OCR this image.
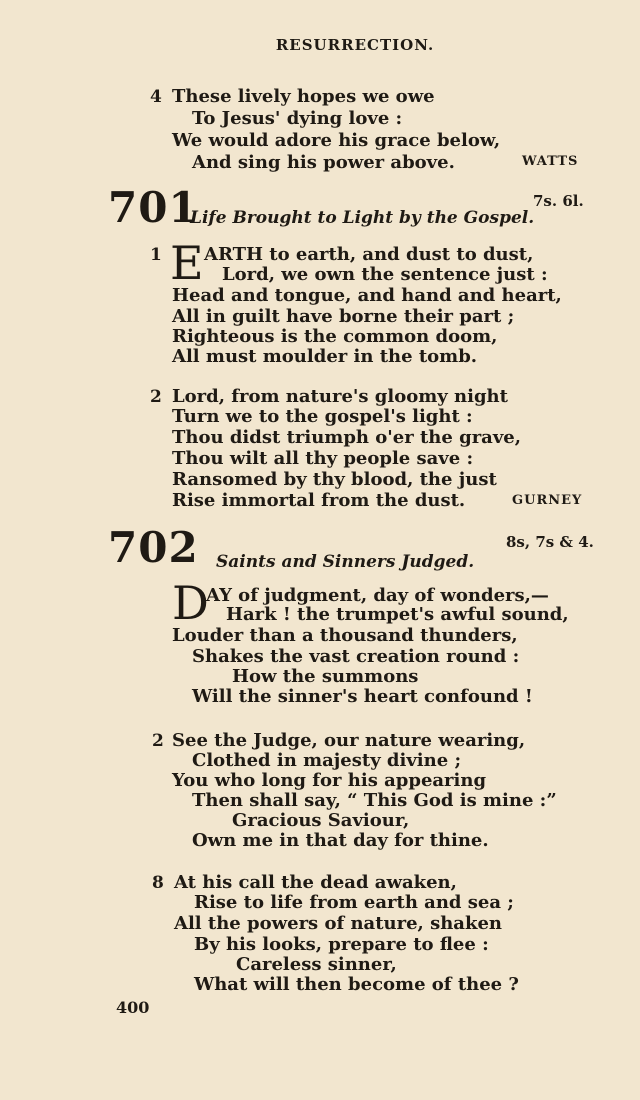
RESURRECTION.
4 These lively hopes we owe
To Jesus' dying love :
We would adore his grace below,
And sing his power above.	WATTS
701	7s. 6l.
Life Brought to Light by the Gospel.
1 E ARTH to earth, and dust to dust,
Lord, we own the sentence just :
Head and tongue, and hand and heart,
All in guilt have borne their part ;
Righteous is the common doom,
All must moulder in the tomb.
2 Lord, from nature's gloomy night
Turn we to the gospel's light :
Thou didst triumph o'er the grave,
Thou wilt all thy people save :
Ransomed by thy blood, the just
Rise immortal from the dust.	GURNEY
702	8s, 7s & 4.
Saints and Sinners Judged.
D
AY of judgment, day of wonders,—
Hark ! the trumpet's awful sound,
Louder than a thousand thunders,
Shakes the vast creation round :
How the summons
Will the sinner's heart confound !
2 See the Judge, our nature wearing,
Clothed in majesty divine ;
You who long for his appearing
Then shall say, “ This God is mine :”
Gracious Saviour,
Own me in that day for thine.
8 At his call the dead awaken,
Rise to life from earth and sea ;
All the powers of nature, shaken
By his looks, prepare to flee :
Careless sinner,
What will then become of thee ?
400
